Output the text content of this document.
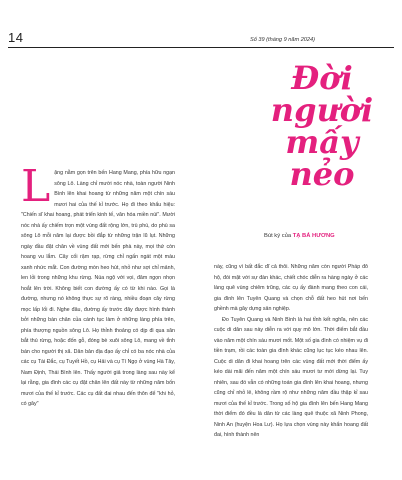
14	Số 39 (tháng 9 năm 2024)
Đời
người
mấy
nẻo
Bút ký của TẠ BÁ HƯƠNG
L ặng nằm gọn trên bến Hang Mang, phía hữu ngạn sông Lô. Làng chỉ mười nóc nhà, toàn người Ninh Bình lên khai hoang từ những năm một chín sáu mươi hai của thế kỉ trước. Họ đi theo khẩu hiệu: "Chiến sĩ khai hoang, phát triển kinh tế, văn hóa miền núi". Mười nóc nhà ấy chiếm trọn một vùng đất rộng lớn, trù phú, do phù sa sông Lô mỗi năm lại được bồi đắp từ những trận lũ lụt. Những ngày đầu đặt chân về vùng đất mới bến phà này, mọi thứ còn hoang vu lắm. Cây cối rậm rạp, rừng chỉ ngấn ngát một màu xanh nhức mắt. Con đường mòn heo hút, nhỏ như sợi chỉ mảnh, len lỏi trong những khu rừng. Núa ngộ với vọi, đâm ngọn nhọn hoắt lên trời. Không biết con đường ấy có từ khi nào. Gọi là đường, nhưng nó không thực sự rõ ràng, nhiều đoạn cây rừng mọc lấp lối đi. Nghe đâu, đường ấy trước đây được hình thành bởi những bàn chân của cánh tục làm ở những làng phía trên, phía thượng nguồn sông Lô. Họ thỉnh thoảng có dịp đi qua săn bắt thú rừng, hoặc đốn gỗ, đóng bè xuôi sông Lô, mang về tỉnh bán cho người thị xã. Dân bản địa đạo ấy chỉ có ba nóc nhà của các cụ Tài Đắc, cụ Tuyết Hồ, cụ Hải và cụ Tí Ngọ ở vùng Hà Tây, Nam Định, Thái Bình lên. Thấy người giả trong làng sau này kể lại rằng, gia đình các cụ đặt chân lên đất này từ những năm bốn mươi của thế kỉ trước. Các cụ đất đai nhau đến thôn để "khi hỏ, có gây"

này, cũng vì bất đắc dĩ cả thôi. Những năm còn người Pháp đô hộ, đói mặt với sự đàn khác, chiết chóc diễn ra hàng ngày ở các làng quê vùng chiêm trũng, các cụ ấy đành mang theo con cái, gia đình lên Tuyên Quang và chọn chỗ đất heo hút nơi bến ghềnh mà gây dựng sản nghiệp.

Đo Tuyên Quang và Ninh Bình là hai tỉnh kết nghĩa, nên các cuộc di dân sau này diễn ra với quy mô lớn. Thời điểm bắt đầu vào năm một chín sáu mươi mốt. Một số gia đình có nhiệm vụ đi tiền trạm, rồi các toàn gia đình khác cũng lục tục kéo nhau lên. Cuộc di dân đi khai hoang trên các vùng đất mới thời điểm ấy kéo dài mãi đến năm một chín sáu mươi tư mới dừng lại. Tuy nhiên, sau đó vẫn có những toán gia đình lên khai hoang, nhưng cũng chỉ nhỏ lẻ, không rầm rộ như những năm đầu thập kỉ sau mươi của thế kỉ trước. Trong số hộ gia đình lên bến Hang Mang thời điểm đó đều là dân từ các làng quê thuộc xã Ninh Phong, Ninh An (huyện Hoa Lư). Họ lựa chọn vùng này khẩn hoang đất đai, hình thành nên
